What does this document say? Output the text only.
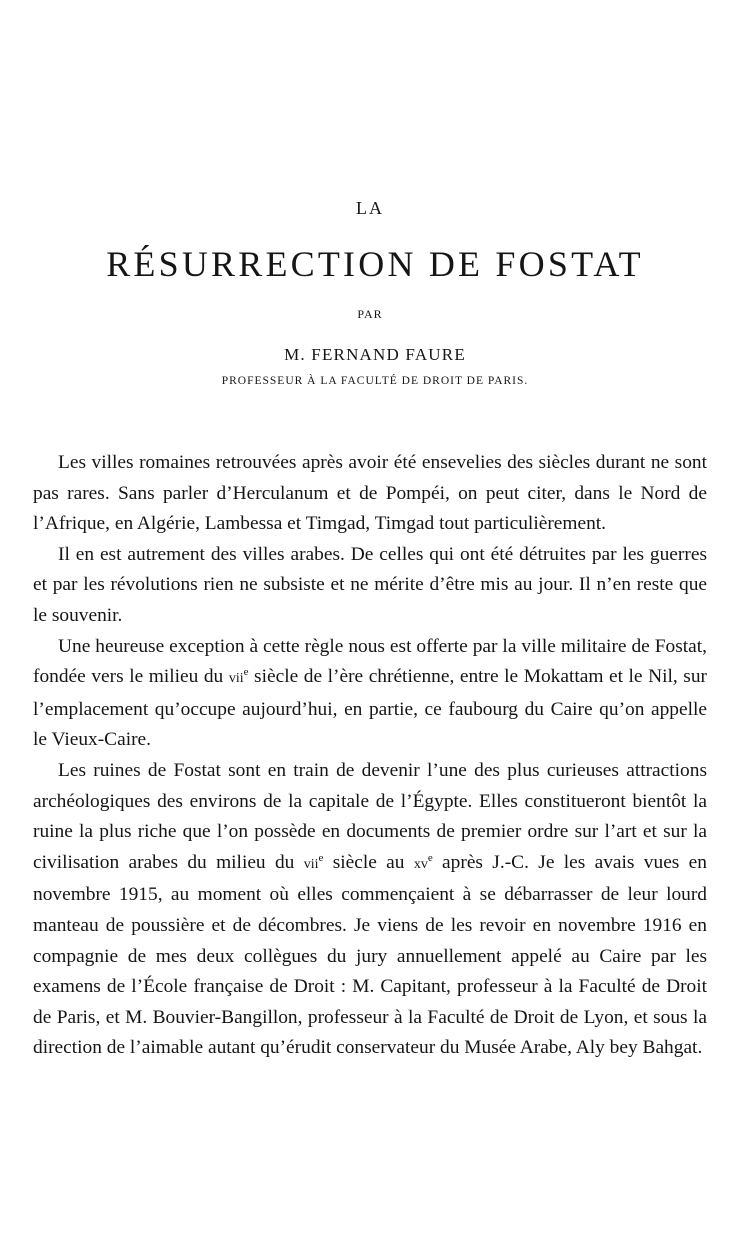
LA
RÉSURRECTION DE FOSTAT
PAR
M. FERNAND FAURE
PROFESSEUR À LA FACULTÉ DE DROIT DE PARIS.

Les villes romaines retrouvées après avoir été ensevelies des siècles durant ne sont pas rares. Sans parler d’Herculanum et de Pompéi, on peut citer, dans le Nord de l’Afrique, en Algérie, Lambessa et Timgad, Timgad tout particulièrement.

Il en est autrement des villes arabes. De celles qui ont été détruites par les guerres et par les révolutions rien ne subsiste et ne mérite d’être mis au jour. Il n’en reste que le souvenir.

Une heureuse exception à cette règle nous est offerte par la ville militaire de Fostat, fondée vers le milieu du vii$^e$ siècle de l’ère chrétienne, entre le Mokattam et le Nil, sur l’emplacement qu’occupe aujourd’hui, en partie, ce faubourg du Caire qu’on appelle le Vieux-Caire.

Les ruines de Fostat sont en train de devenir l’une des plus curieuses attractions archéologiques des environs de la capitale de l’Égypte. Elles constitueront bientôt la ruine la plus riche que l’on possède en documents de premier ordre sur l’art et sur la civilisation arabes du milieu du vii$^e$ siècle au $xv^e$ après J.-C. Je les avais vues en novembre 1915, au moment où elles commençaient à se débarrasser de leur lourd manteau de poussière et de décombres. Je viens de les revoir en novembre 1916 en compagnie de mes deux collègues du jury annuellement appelé au Caire par les examens de l’École française de Droit : M. Capitant, professeur à la Faculté de Droit de Paris, et M. Bouvier-Bangillon, professeur à la Faculté de Droit de Lyon, et sous la direction de l’aimable autant qu’érudit conservateur du Musée Arabe, Aly bey Bahgat.
